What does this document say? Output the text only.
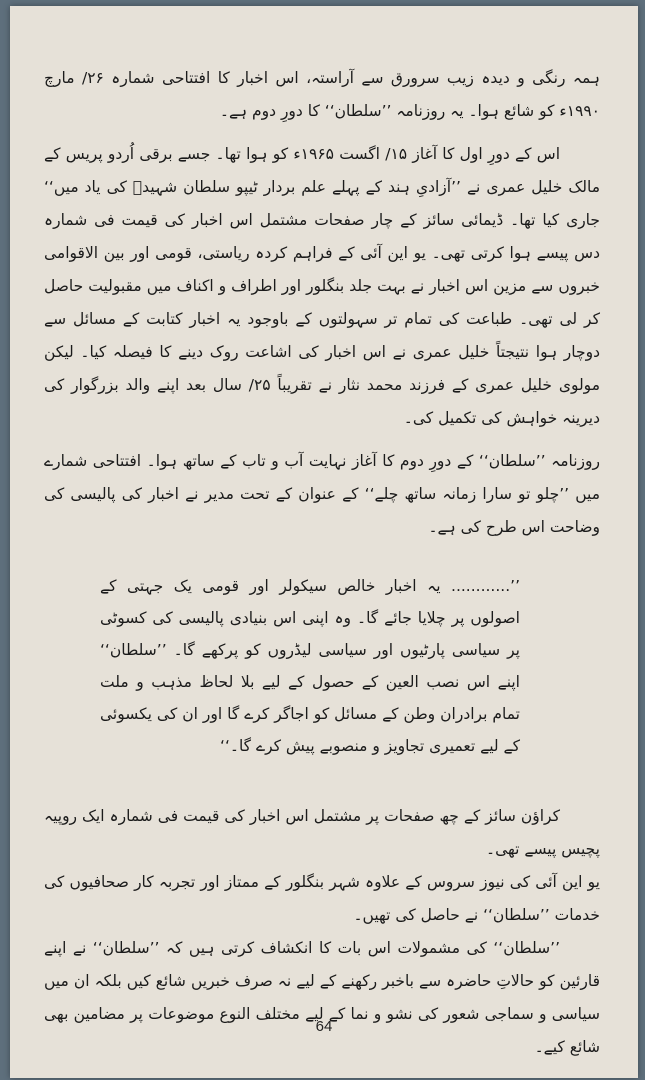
ہمہ رنگی و دیدہ زیب سرورق سے آراستہ، اس اخبار کا افتتاحی شمارہ ۲۶/ مارچ ۱۹۹۰ء کو شائع ہوا۔ یہ روزنامہ ’’سلطان‘‘ کا دورِ دوم ہے۔

اس کے دورِ اول کا آغاز ۱۵/ اگست ۱۹۶۵ء کو ہوا تھا۔ جسے برقی اُردو پریس کے مالک خلیل عمری نے ’’آزادیِ ہند کے پہلے علم بردار ٹیپو سلطان شہیدؒ کی یاد میں‘‘ جاری کیا تھا۔ ڈیمائی سائز کے چار صفحات مشتمل اس اخبار کی قیمت فی شمارہ دس پیسے ہوا کرتی تھی۔ یو این آئی کے فراہم کردہ ریاستی، قومی اور بین الاقوامی خبروں سے مزین اس اخبار نے بہت جلد بنگلور اور اطراف و اکناف میں مقبولیت حاصل کر لی تھی۔ طباعت کی تمام تر سہولتوں کے باوجود یہ اخبار کتابت کے مسائل سے دوچار ہوا نتیجتاً خلیل عمری نے اس اخبار کی اشاعت روک دینے کا فیصلہ کیا۔ لیکن مولوی خلیل عمری کے فرزند محمد نثار نے تقریباً ۲۵/ سال بعد اپنے والد بزرگوار کی دیرینہ خواہش کی تکمیل کی۔

روزنامہ ’’سلطان‘‘ کے دورِ دوم کا آغاز نہایت آب و تاب کے ساتھ ہوا۔ افتتاحی شمارے میں ’’چلو تو سارا زمانہ ساتھ چلے‘‘ کے عنوان کے تحت مدیر نے اخبار کی پالیسی کی وضاحت اس طرح کی ہے۔

’’............ یہ اخبار خالص سیکولر اور قومی یک جہتی کے اصولوں پر چلایا جائے گا۔ وہ اپنی اس بنیادی پالیسی کی کسوٹی پر سیاسی پارٹیوں اور سیاسی لیڈروں کو پرکھے گا۔ ’’سلطان‘‘ اپنے اس نصب العین کے حصول کے لیے بلا لحاظ مذہب و ملت تمام برادران وطن کے مسائل کو اجاگر کرے گا اور ان کی یکسوئی کے لیے تعمیری تجاویز و منصوبے پیش کرے گا۔‘‘

کراؤن سائز کے چھ صفحات پر مشتمل اس اخبار کی قیمت فی شمارہ ایک روپیہ پچیس پیسے تھی۔

یو این آئی کی نیوز سروس کے علاوہ شہر بنگلور کے ممتاز اور تجربہ کار صحافیوں کی خدمات ’’سلطان‘‘ نے حاصل کی تھیں۔

’’سلطان‘‘ کی مشمولات اس بات کا انکشاف کرتی ہیں کہ ’’سلطان‘‘ نے اپنے قارئین کو حالاتِ حاضرہ سے باخبر رکھنے کے لیے نہ صرف خبریں شائع کیں بلکہ ان میں سیاسی و سماجی شعور کی نشو و نما کے لیے مختلف النوع موضوعات پر مضامین بھی شائع کیے۔

64
